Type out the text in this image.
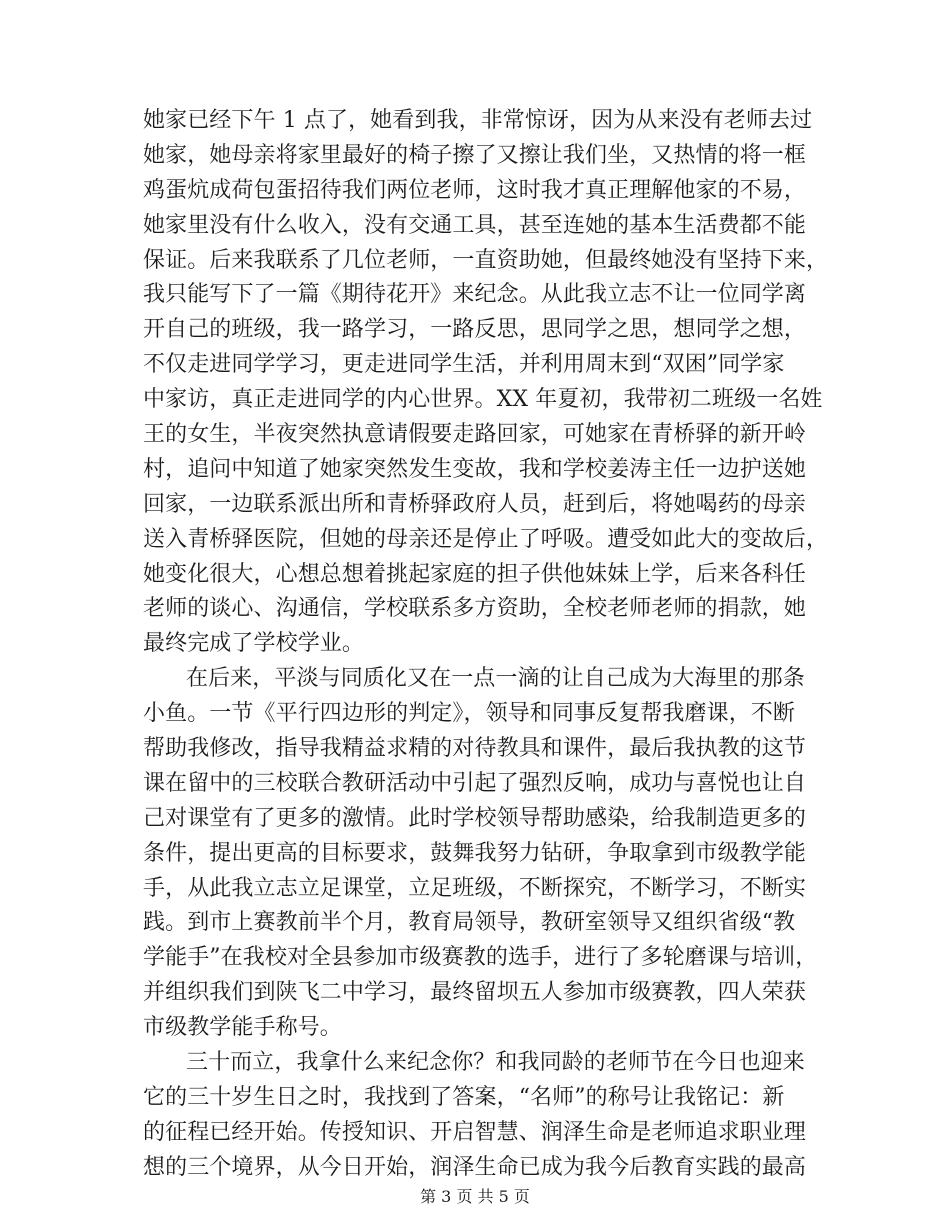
她家已经下午 1 点了，她看到我，非常惊讶，因为从来没有老师去过
她家，她母亲将家里最好的椅子擦了又擦让我们坐，又热情的将一框
鸡蛋炕成荷包蛋招待我们两位老师，这时我才真正理解他家的不易，
她家里没有什么收入，没有交通工具，甚至连她的基本生活费都不能
保证。后来我联系了几位老师，一直资助她，但最终她没有坚持下来，
我只能写下了一篇《期待花开》来纪念。从此我立志不让一位同学离
开自己的班级，我一路学习，一路反思，思同学之思，想同学之想，
不仅走进同学学习，更走进同学生活，并利用周末到“双困”同学家
中家访，真正走进同学的内心世界。XX 年夏初，我带初二班级一名姓
王的女生，半夜突然执意请假要走路回家，可她家在青桥驿的新开岭
村，追问中知道了她家突然发生变故，我和学校姜涛主任一边护送她
回家，一边联系派出所和青桥驿政府人员，赶到后，将她喝药的母亲
送入青桥驿医院，但她的母亲还是停止了呼吸。遭受如此大的变故后，
她变化很大，心想总想着挑起家庭的担子供他妹妹上学，后来各科任
老师的谈心、沟通信，学校联系多方资助，全校老师老师的捐款，她
最终完成了学校学业。
在后来，平淡与同质化又在一点一滴的让自己成为大海里的那条
小鱼。一节《平行四边形的判定》，领导和同事反复帮我磨课，不断
帮助我修改，指导我精益求精的对待教具和课件，最后我执教的这节
课在留中的三校联合教研活动中引起了强烈反响，成功与喜悦也让自
己对课堂有了更多的激情。此时学校领导帮助感染，给我制造更多的
条件，提出更高的目标要求，鼓舞我努力钻研，争取拿到市级教学能
手，从此我立志立足课堂，立足班级，不断探究，不断学习，不断实
践。到市上赛教前半个月，教育局领导，教研室领导又组织省级“教
学能手”在我校对全县参加市级赛教的选手，进行了多轮磨课与培训，
并组织我们到陕飞二中学习，最终留坝五人参加市级赛教，四人荣获
市级教学能手称号。
三十而立，我拿什么来纪念你？和我同龄的老师节在今日也迎来
它的三十岁生日之时，我找到了答案，“名师”的称号让我铭记：新
的征程已经开始。传授知识、开启智慧、润泽生命是老师追求职业理
想的三个境界，从今日开始，润泽生命已成为我今后教育实践的最高
第 3 页 共 5 页
